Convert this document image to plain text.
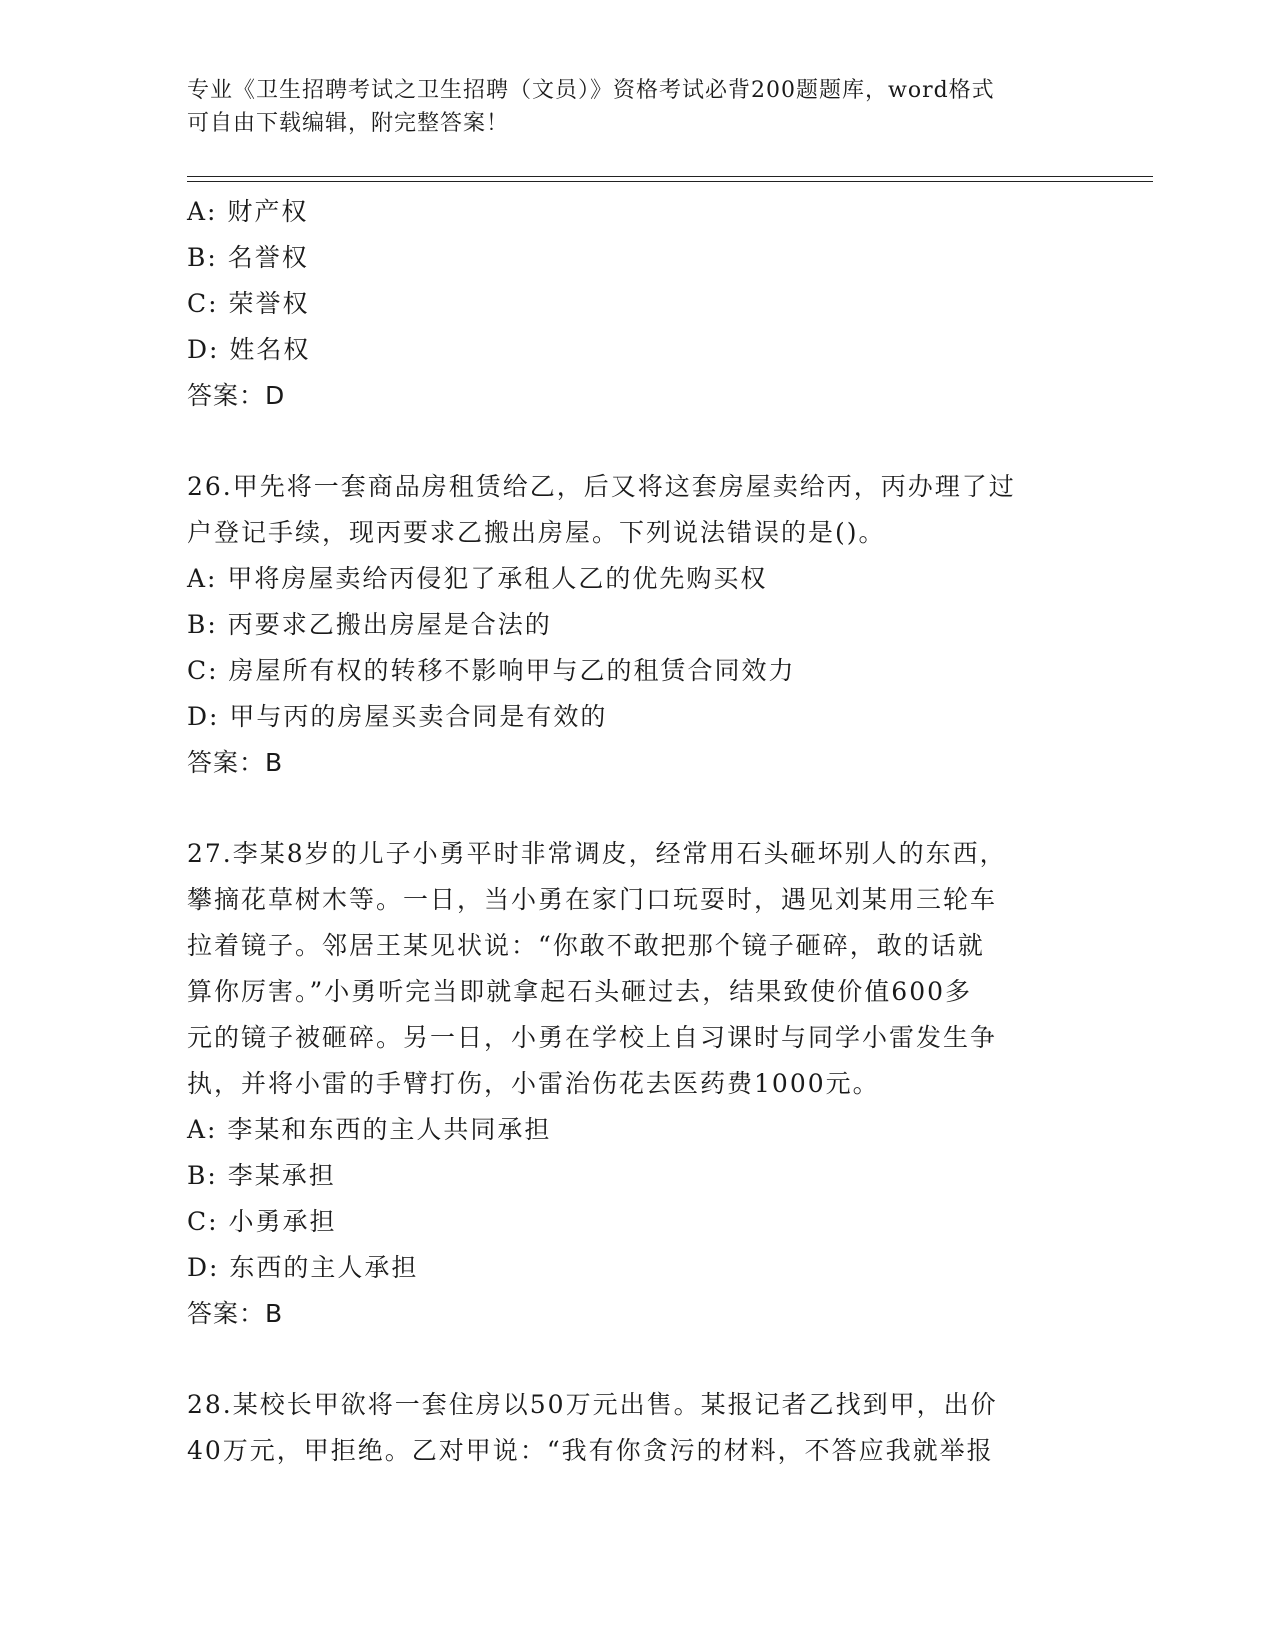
专业《卫生招聘考试之卫生招聘（文员）》资格考试必背200题题库，word格式
可自由下载编辑，附完整答案！
A: 财产权
B: 名誉权
C: 荣誉权
D: 姓名权
答案：D
26.甲先将一套商品房租赁给乙，后又将这套房屋卖给丙，丙办理了过
户登记手续，现丙要求乙搬出房屋。下列说法错误的是()。
A: 甲将房屋卖给丙侵犯了承租人乙的优先购买权
B: 丙要求乙搬出房屋是合法的
C: 房屋所有权的转移不影响甲与乙的租赁合同效力
D: 甲与丙的房屋买卖合同是有效的
答案：B
27.李某8岁的儿子小勇平时非常调皮，经常用石头砸坏别人的东西，
攀摘花草树木等。一日，当小勇在家门口玩耍时，遇见刘某用三轮车
拉着镜子。邻居王某见状说：“你敢不敢把那个镜子砸碎，敢的话就
算你厉害。”小勇听完当即就拿起石头砸过去，结果致使价值600多
元的镜子被砸碎。另一日，小勇在学校上自习课时与同学小雷发生争
执，并将小雷的手臂打伤，小雷治伤花去医药费1000元。
A: 李某和东西的主人共同承担
B: 李某承担
C: 小勇承担
D: 东西的主人承担
答案：B
28.某校长甲欲将一套住房以50万元出售。某报记者乙找到甲，出价
40万元，甲拒绝。乙对甲说：“我有你贪污的材料，不答应我就举报
